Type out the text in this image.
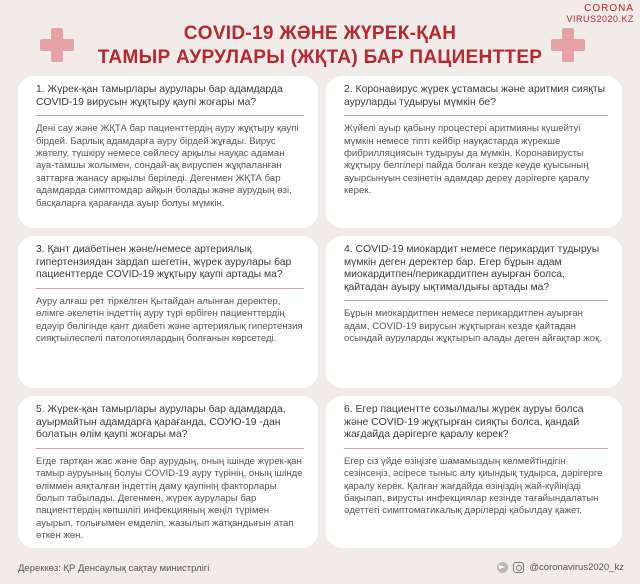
CORONA
VIRUS2020.KZ
COVID-19 ЖӘНЕ ЖҮРЕК-ҚАН
ТАМЫР АУРУЛАРЫ (ЖҚТА) БАР ПАЦИЕНТТЕР
1. Жүрек-қан тамырлары аурулары бар адамдарда COVID-19 вирусын жұқтыру қаупі жоғары ма?
Дені сау және ЖҚТА бар пациенттердің ауру жұқтыру қаупі бірдей. Барлық адамдарға ауру бірдей жұғады. Вирус жөтелу, түшкіру немесе сөйлесу арқылы науқас адаман ауа-тамшы жолымен, сондай-ақ вируспен жұқпаланған заттарға жанасу арқылы беріледі. Дегенмен ЖҚТА бар адамдарда симптомдар айқын болады және аурудың өзі, басқаларға қарағанда ауыр болуы мүмкін.
2. Коронавирус жүрек ұстамасы және аритмия сияқты ауруларды тудыруы мүмкін бе?
Жүйелі ауыр қабыну процестері аритмияны күшейтуі мүмкін немесе тіпті кейбір науқастарда жүрекше фибрилляциясын тудыруы да мүмкін. Коронавирусты жұқтыру белгілері пайда болған кезде кеуде қуысының ауырсынуын сезінетін адамдар дереу дәрігерге қаралу керек.
3. Қант диабетінен және/немесе артериялық гипертензиядан зардап шегетін, жүрек аурулары бар пациенттерде COVID-19 жұқтыру қаупі артады ма?
Ауру алғаш рет тіркелген Қытайдан алынған деректер, өлімге әкелетін індеттің ауру түрі өрбіген пациенттердің едәуір бөлігінде қант диабеті және артериялық гипертензия сияқтыілеспелі патологиялардың болғанын көрсетеді.
4. COVID-19 миокардит немесе перикардит тудыруы мүмкін деген деректер бар. Егер бұрын адам миокардитпен/перикардитпен ауырған болса, қайтадан ауыру ықтималдығы артады ма?
Бұрын миокардитпен немесе перикардитпен ауырған адам, COVID-19 вирусын жұқтырған кезде қайтадан осындай ауруларды жұқтырып алады деген айғақтар жоқ.
5. Жүрек-қан тамырлары аурулары бар адамдарда, ауырмайтын адамдарға қарағанда, СОУЮ-19 -дан болатын өлім қаупі жоғары ма?
Егде тартқан жас және бар аурудың, оның ішінде жүрек-қан тамыр ауруының болуы COVID-19 ауру түрінің, оның ішінде өліммен аяқталған індеттің даму қаупінің факторлары болып табылады. Дегенмен, жүрек аурулары бар пациенттердің көпшілігі инфекцияның жеңіл түрімен ауырып, толығымен емделіп, жазылып жатқандығын атап өткен жөн.
6. Егер пациентте созылмалы жүрек ауруы болса және COVID-19 жұқтырған сияқты болса, қандай жағдайда дәрігерге қаралу керек?
Егер сіз үйде өзіңізге шамамыздың келмейтіндігін сезінсеңіз, әсіресе тыныс алу қиындық тудырса, дәрігерге қаралу керек. Қалған жағдайда өзіңіздің жай-күйіңізді бақылап, вирусты инфекциялар кезінде тағайындалатын әдеттегі симптоматикалық дәрілерді қабылдау қажет.
Дереккөз: ҚР Денсаулық сақтау министрлігі	@coronavirus2020_kz
